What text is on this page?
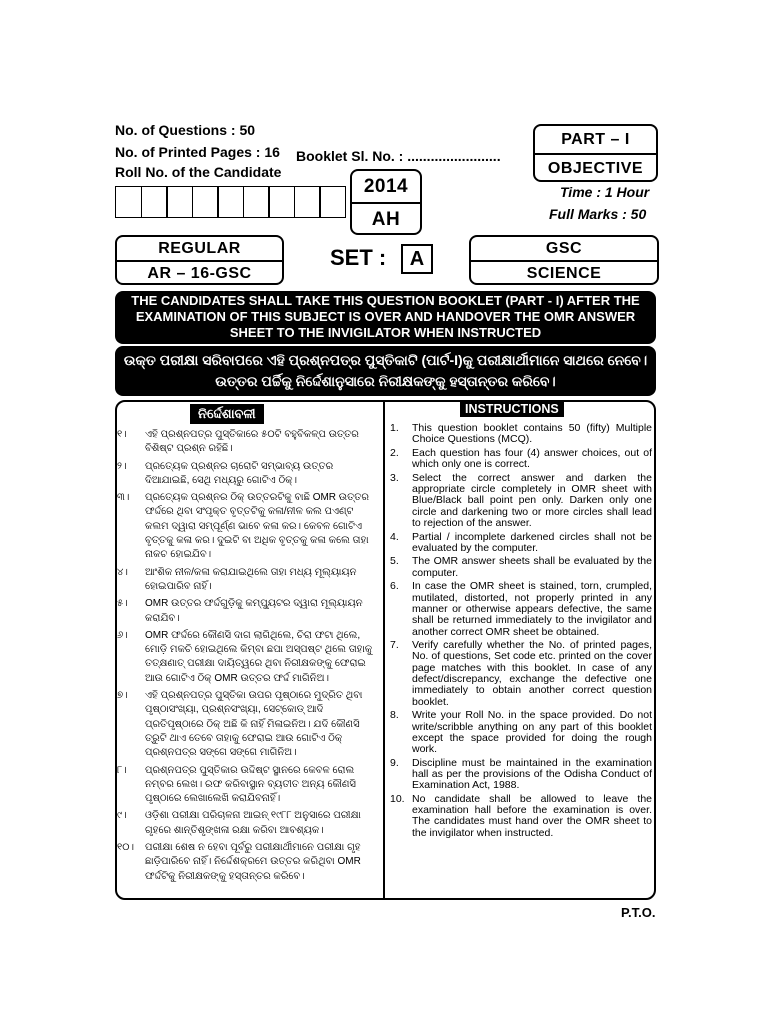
No. of Questions : 50
No. of Printed Pages : 16
Roll No. of the Candidate
Booklet Sl. No. : ........................
2014
AH
PART – I
OBJECTIVE
Time : 1 Hour
Full Marks : 50
REGULAR
AR – 16-GSC
SET :	A	GSC
SCIENCE
THE CANDIDATES SHALL TAKE THIS QUESTION BOOKLET (PART - I) AFTER THE EXAMINATION OF THIS SUBJECT IS OVER AND HANDOVER THE OMR ANSWER SHEET TO THE INVIGILATOR WHEN INSTRUCTED
ଉକ୍ତ ପରୀକ୍ଷା ସରିବାପରେ ଏହି ପ୍ରଶ୍ନପତ୍ର ପୁସ୍ତିକାଟି (ପାର୍ଟ-I)କୁ ପରୀକ୍ଷାର୍ଥୀମାନେ ସାଥରେ ନେବେ।
ଉତ୍ତର ପର୍ଚ୍ଚିକୁ ନିର୍ଦ୍ଦେଶାନୁସାରେ ନିରୀକ୍ଷକଙ୍କୁ ହସ୍ତାନ୍ତର କରିବେ।
ନିର୍ଦ୍ଦେଶାବଳୀ	INSTRUCTIONS
୧।	ଏହି ପ୍ରଶ୍ନପତ୍ର ପୁସ୍ତିକାରେ ୫୦ଟି ବହୁବିକଳ୍ପ ଉତ୍ତର ବିଶିଷ୍ଟ ପ୍ରଶ୍ନ ରହିଛି।
୨।	ପ୍ରତ୍ୟେକ ପ୍ରଶ୍ନର ଚାରୋଟି ସମ୍ଭାବ୍ୟ ଉତ୍ତର ଦିଆଯାଇଛି, ସେଥି ମଧ୍ୟରୁ ଗୋଟିଏ ଠିକ୍।
୩।	ପ୍ରତ୍ୟେକ ପ୍ରଶ୍ନର ଠିକ୍ ଉତ୍ତରଟିକୁ ବାଛି OMR ଉତ୍ତର ଫର୍ଦ୍ଦରେ ଥିବା ସଂପୃକ୍ତ ବୃତ୍ତଟିକୁ କଳା/ନୀଳ କଲ ପଏଣ୍ଟ କଲମ ଦ୍ୱାରା ସମ୍ପୂର୍ଣ୍ଣ ଭାବେ କଳା କର। କେବଳ ଗୋଟିଏ ବୃତ୍ତକୁ କଳା କର। ଦୁଇଟି ବା ଅଧିକ ବୃତ୍ତକୁ କଳା କଲେ ତାହା ନାକଚ ହୋଇଯିବ।
୪।	ଆଂଶିକ ନୀଳ/କଳା କରାଯାଇଥିଲେ ତାହା ମଧ୍ୟ ମୂଲ୍ୟାୟନ ହୋଇପାରିବ ନାହିଁ।
୫।	OMR ଉତ୍ତର ଫର୍ଦ୍ଦଗୁଡ଼ିକୁ କମ୍ପ୍ୟୁଟର ଦ୍ୱାରା ମୂଲ୍ୟାୟନ କରାଯିବ।
୬।	OMR ଫର୍ଦ୍ଦରେ କୌଣସି ଦାଗ ଲାଗିଥିଲେ, ଚିରା ଫଟା ଥିଲେ, ମୋଡ଼ି ମକଚି ହୋଇଥିଲେ କିମ୍ବା ଛପା ଅସ୍ପଷ୍ଟ ଥିଲେ ତାହାକୁ ତତ୍‌କ୍ଷଣାତ୍ ପରୀକ୍ଷା ଦାୟିତ୍ୱରେ ଥିବା ନିରୀକ୍ଷକଙ୍କୁ ଫେରାଇ ଆଉ ଗୋଟିଏ ଠିକ୍ OMR ଉତ୍ତର ଫର୍ଦ୍ଦ ମାଗିନିଅ।
୭।	ଏହି ପ୍ରଶ୍ନପତ୍ର ପୁସ୍ତିକା ଉପର ପୃଷ୍ଠାରେ ମୁଦ୍ରିତ ଥିବା ପୃଷ୍ଠାସଂଖ୍ୟା, ପ୍ରଶ୍ନସଂଖ୍ୟା, ସେଟ୍‌କୋଡ୍ ଆଦି ପ୍ରତିପୃଷ୍ଠାରେ ଠିକ୍ ଅଛି କି ନାହିଁ ମିଳାଇନିଅ। ଯଦି କୌଣସି ତ୍ରୁଟି ଥାଏ ତେବେ ତାହାକୁ ଫେରାଇ ଆଉ ଗୋଟିଏ ଠିକ୍ ପ୍ରଶ୍ନପତ୍ର ସଙ୍ଗେ ସଙ୍ଗେ ମାଗିନିଅ।
୮।	ପ୍ରଶ୍ନପତ୍ର ପୁସ୍ତିକାର ଉଦ୍ଦିଷ୍ଟ ସ୍ଥାନରେ କେବଳ ରୋଲ ନମ୍ବର ଲେଖ। ରଫ କରିବାସ୍ଥାନ ବ୍ୟତୀତ ଅନ୍ୟ କୌଣସି ପୃଷ୍ଠାରେ ଲେଖାଲେଖି କରାଯିବନାହିଁ।
୯।	ଓଡ଼ିଶା ପରୀକ୍ଷା ପରିଚାଳନା ଆଇନ୍ ୧୯୮୮ ଅନୁସାରେ ପରୀକ୍ଷା ଗୃହରେ ଶାନ୍ତିଶୃଙ୍ଖଳା ରକ୍ଷା କରିବା ଆବଶ୍ୟକ।
୧୦।	ପରୀକ୍ଷା ଶେଷ ନ ହେବା ପୂର୍ବରୁ ପରୀକ୍ଷାର୍ଥୀମାନେ ପରୀକ୍ଷା ଗୃହ ଛାଡ଼ିପାରିବେ ନାହିଁ। ନିର୍ଦ୍ଦେଶକ୍ରମେ ଉତ୍ତର କରିଥିବା OMR ଫର୍ଦ୍ଦଟିକୁ ନିରୀକ୍ଷକଙ୍କୁ ହସ୍ତାନ୍ତର କରିବେ।
1.	This question booklet contains 50 (fifty) Multiple Choice Questions (MCQ).
2.	Each question has four (4) answer choices, out of which only one is correct.
3.	Select the correct answer and darken the appropriate circle completely in OMR sheet with Blue/Black ball point pen only. Darken only one circle and darkening two or more circles shall lead to rejection of the answer.
4.	Partial / incomplete darkened circles shall not be evaluated by the computer.
5.	The OMR answer sheets shall be evaluated by the computer.
6.	In case the OMR sheet is stained, torn, crumpled, mutilated, distorted, not properly printed in any manner or otherwise appears defective, the same shall be returned immediately to the invigilator and another correct OMR sheet be obtained.
7.	Verify carefully whether the No. of printed pages, No. of questions, Set code etc. printed on the cover page matches with this booklet. In case of any defect/discrepancy, exchange the defective one immediately to obtain another correct question booklet.
8.	Write your Roll No. in the space provided. Do not write/scribble anything on any part of this booklet except the space provided for doing the rough work.
9.	Discipline must be maintained in the examination hall as per the provisions of the Odisha Conduct of Examination Act, 1988.
10. No candidate shall be allowed to leave the examination hall before the examination is over. The candidates must hand over the OMR sheet to the invigilator when instructed.
P.T.O.
